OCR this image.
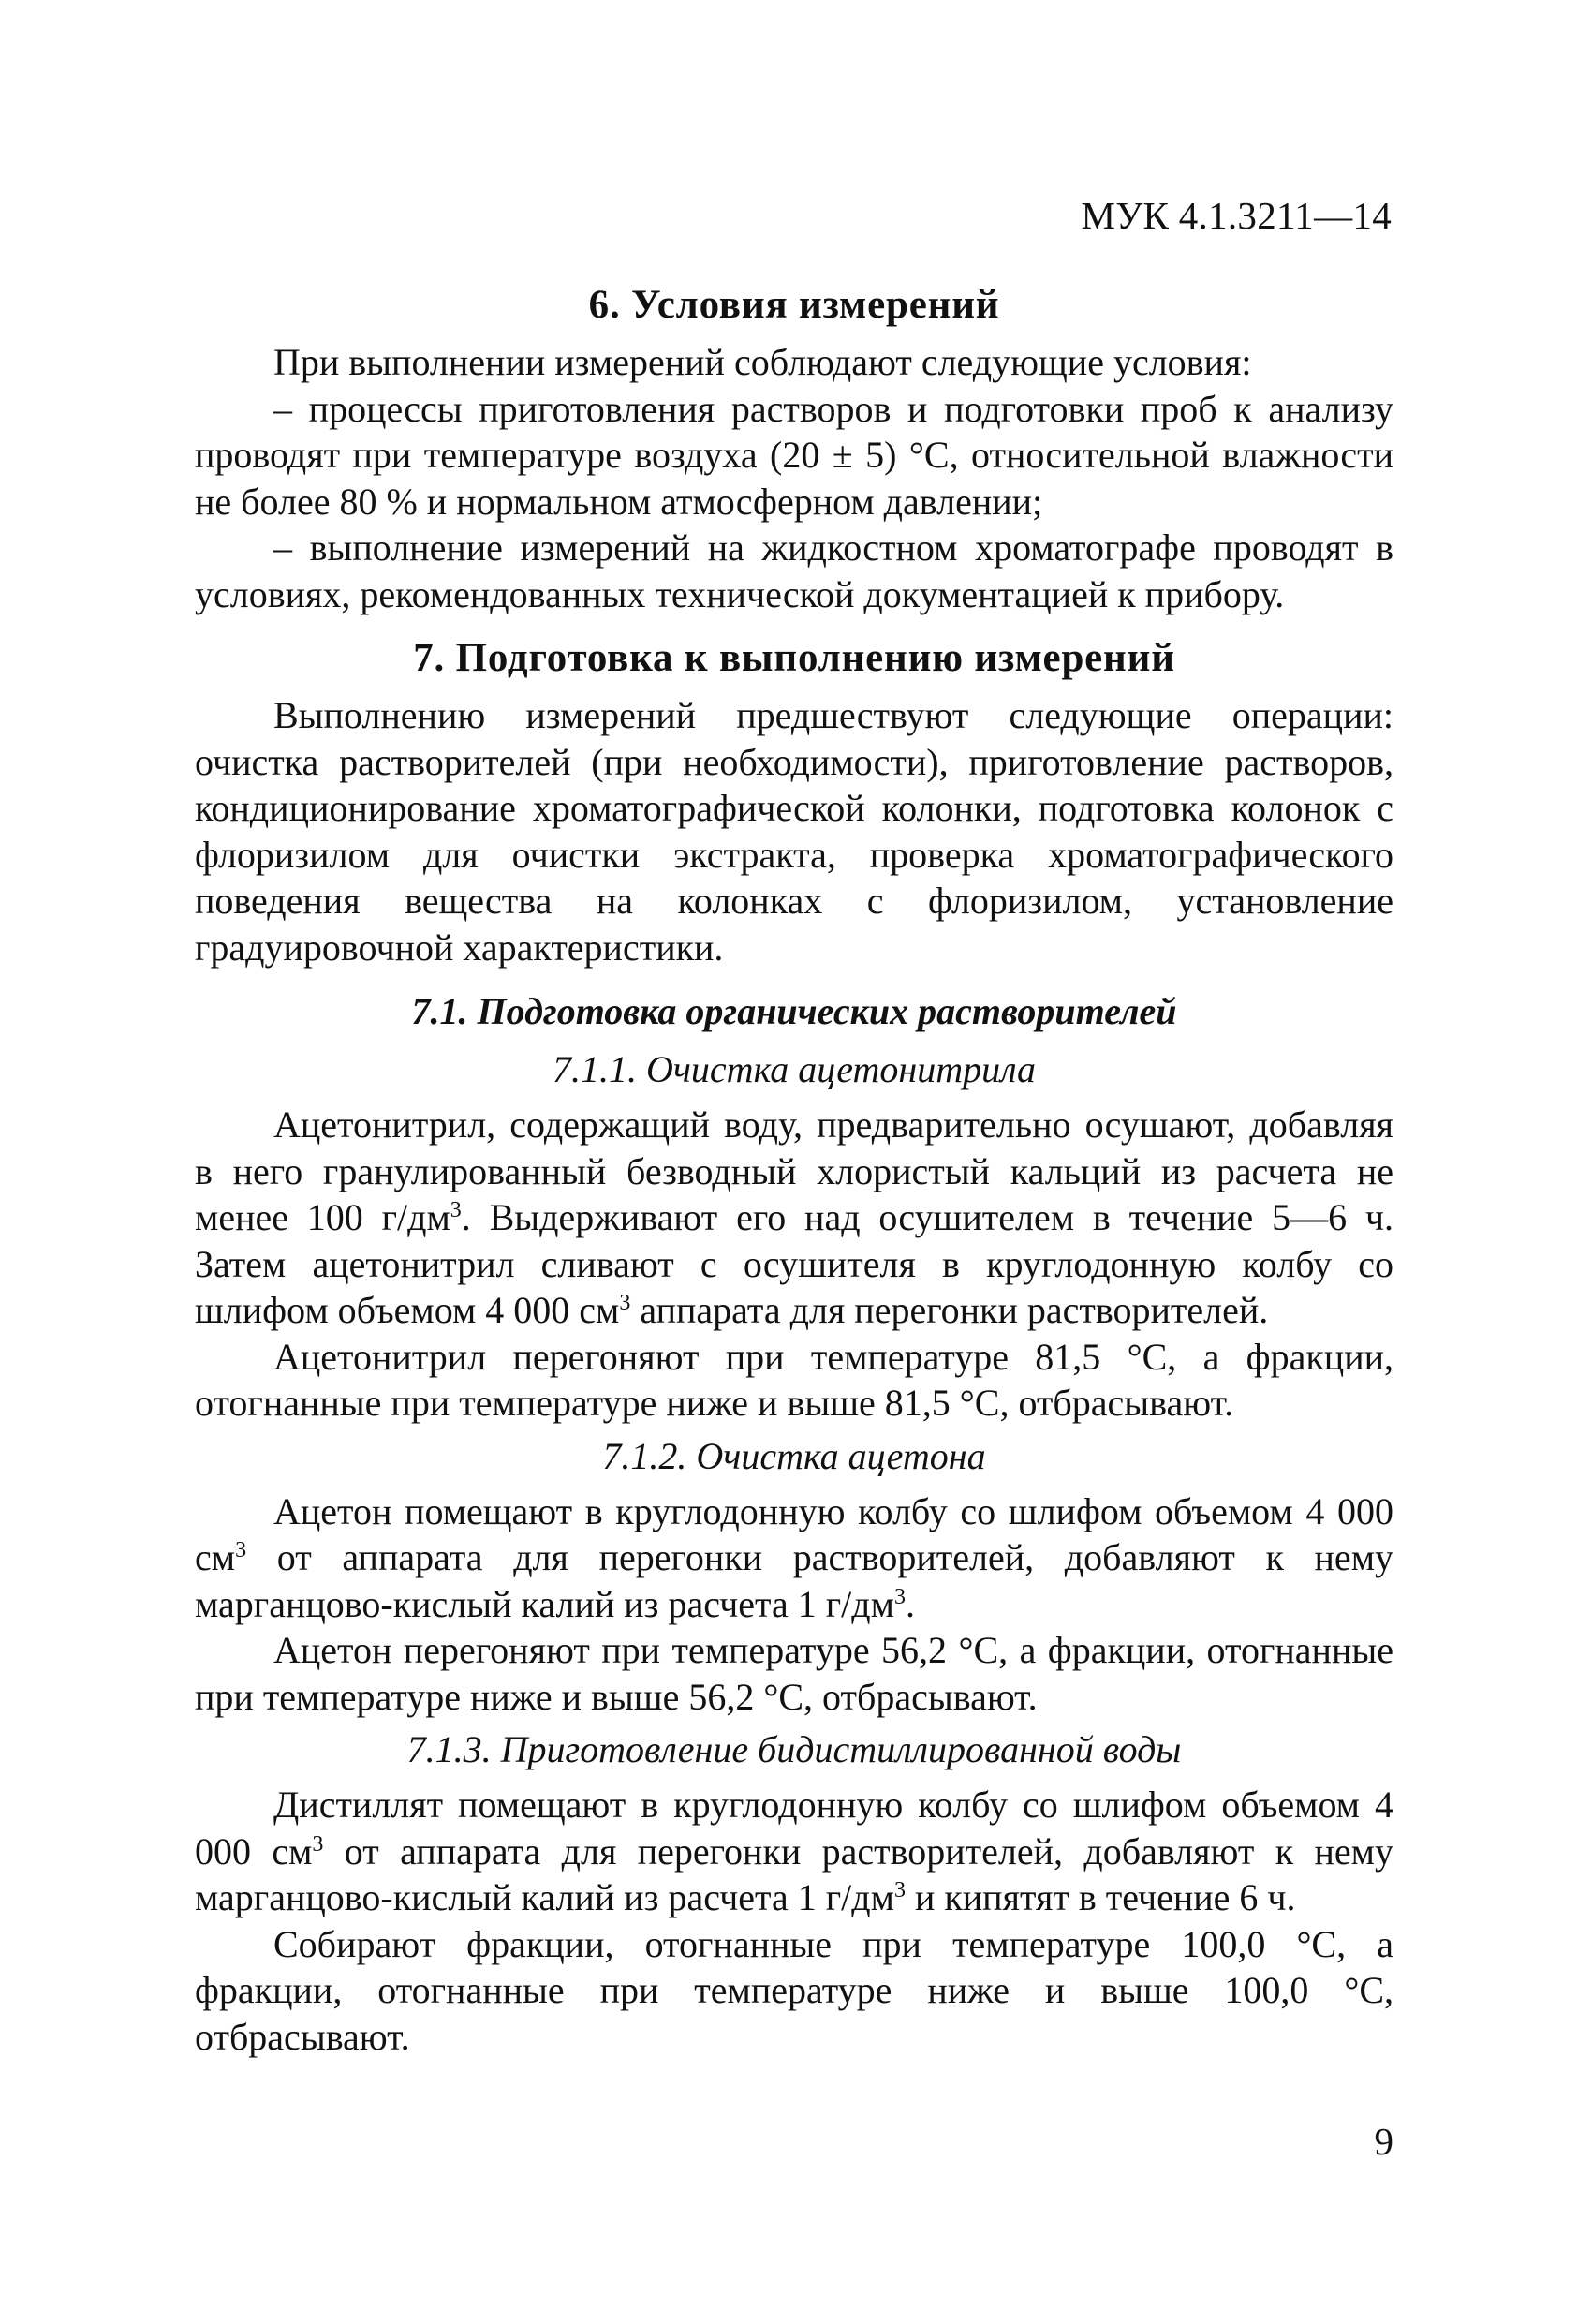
МУК 4.1.3211—14
6. Условия измерений

При выполнении измерений соблюдают следующие условия:

– процессы приготовления растворов и подготовки проб к анализу проводят при температуре воздуха (20 ± 5) °С, относительной влажности не более 80 % и нормальном атмосферном давлении;

– выполнение измерений на жидкостном хроматографе проводят в условиях, рекомендованных технической документацией к прибору.

7. Подготовка к выполнению измерений

Выполнению измерений предшествуют следующие операции: очистка растворителей (при необходимости), приготовление растворов, кондиционирование хроматографической колонки, подготовка колонок с флоризилом для очистки экстракта, проверка хроматографического поведения вещества на колонках с флоризилом, установление градуировочной характеристики.

7.1. Подготовка органических растворителей
7.1.1. Очистка ацетонитрила

Ацетонитрил, содержащий воду, предварительно осушают, добавляя в него гранулированный безводный хлористый кальций из расчета не менее 100 $г/дм^3$. Выдерживают его над осушителем в течение 5—6 ч. Затем ацетонитрил сливают с осушителя в круглодонную колбу со шлифом объемом 4 000 $см^3$ аппарата для перегонки растворителей.

Ацетонитрил перегоняют при температуре 81,5 °С, а фракции, отогнанные при температуре ниже и выше 81,5 °С, отбрасывают.

7.1.2. Очистка ацетона

Ацетон помещают в круглодонную колбу со шлифом объемом 4 000 $см^3$ от аппарата для перегонки растворителей, добавляют к нему марганцово-кислый калий из расчета 1 $г/дм^3$.

Ацетон перегоняют при температуре 56,2 °С, а фракции, отогнанные при температуре ниже и выше 56,2 °С, отбрасывают.

7.1.3. Приготовление бидистиллированной воды

Дистиллят помещают в круглодонную колбу со шлифом объемом 4 000 $см^3$ от аппарата для перегонки растворителей, добавляют к нему марганцово-кислый калий из расчета 1 $г/дм^3$ и кипятят в течение 6 ч.

Собирают фракции, отогнанные при температуре 100,0 °С, а фракции, отогнанные при температуре ниже и выше 100,0 °С, отбрасывают.

9
